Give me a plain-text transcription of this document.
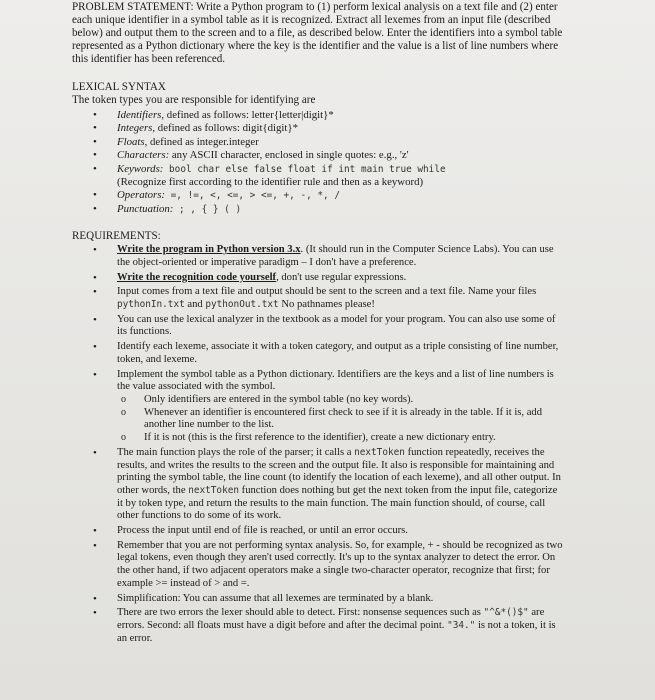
PROBLEM STATEMENT: Write a Python program to (1) perform lexical analysis on a text file and (2) enter each unique identifier in a symbol table as it is recognized. Extract all lexemes from an input file (described below) and output them to the screen and to a file, as described below. Enter the identifiers into a symbol table represented as a Python dictionary where the key is the identifier and the value is a list of line numbers where this identifier has been referenced.

LEXICAL SYNTAX
The token types you are responsible for identifying are
• Identifiers, defined as follows: letter{letter|digit}*
• Integers, defined as follows: digit{digit}*
• Floats, defined as integer.integer
• Characters: any ASCII character, enclosed in single quotes: e.g., 'z'
• Keywords: bool char else false float if int main true while
(Recognize first according to the identifier rule and then as a keyword)
• Operators: =, !=, <, <=, > <=, +, -, *, /
• Punctuation: ; , { } ( )
REQUIREMENTS:
• Write the program in Python version 3.x. (It should run in the Computer Science Labs). You can use the object-oriented or imperative paradigm – I don't have a preference.
• Write the recognition code yourself, don't use regular expressions.
• Input comes from a text file and output should be sent to the screen and a text file. Name your files pythonIn.txt and pythonOut.txt No pathnames please!
• You can use the lexical analyzer in the textbook as a model for your program. You can also use some of its functions.
• Identify each lexeme, associate it with a token category, and output as a triple consisting of line number, token, and lexeme.
• Implement the symbol table as a Python dictionary. Identifiers are the keys and a list of line numbers is the value associated with the symbol.
o Only identifiers are entered in the symbol table (no key words).
o Whenever an identifier is encountered first check to see if it is already in the table. If it is, add another line number to the list.
o If it is not (this is the first reference to the identifier), create a new dictionary entry.
• The main function plays the role of the parser; it calls a nextToken function repeatedly, receives the results, and writes the results to the screen and the output file. It also is responsible for maintaining and printing the symbol table, the line count (to identify the location of each lexeme), and all other output. In other words, the nextToken function does nothing but get the next token from the input file, categorize it by token type, and return the results to the main function. The main function should, of course, call other functions to do some of its work.
• Process the input until end of file is reached, or until an error occurs.
• Remember that you are not performing syntax analysis. So, for example, + - should be recognized as two legal tokens, even though they aren't used correctly. It's up to the syntax analyzer to detect the error. On the other hand, if two adjacent operators make a single two-character operator, recognize that first; for example >= instead of > and =.
• Simplification: You can assume that all lexemes are terminated by a blank.
• There are two errors the lexer should able to detect. First: nonsense sequences such as "^&*()$" are errors. Second: all floats must have a digit before and after the decimal point. "34." is not a token, it is an error.
